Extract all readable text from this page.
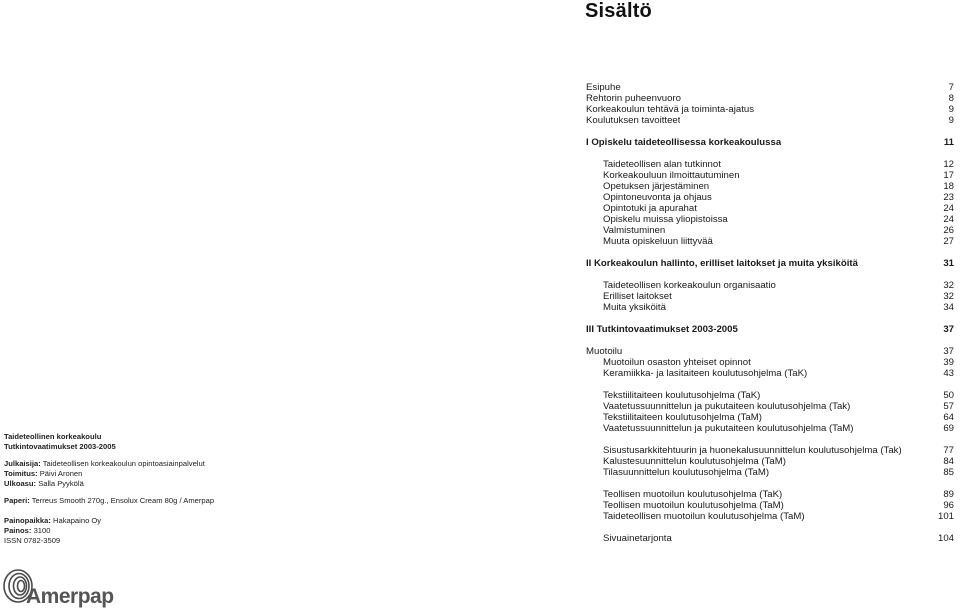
Sisältö
Esipuhe	7
Rehtorin puheenvuoro	8
Korkeakoulun tehtävä ja toiminta-ajatus	9
Koulutuksen tavoitteet	9
I Opiskelu taideteollisessa korkeakoulussa	11
Taideteollisen alan tutkinnot	12
Korkeakouluun ilmoittautuminen	17
Opetuksen järjestäminen	18
Opintoneuvonta ja ohjaus	23
Opintotuki ja apurahat	24
Opiskelu muissa yliopistoissa	24
Valmistuminen	26
Muuta opiskeluun liittyvää	27
II Korkeakoulun hallinto, erilliset laitokset ja muita yksiköitä	31
Taideteollisen korkeakoulun organisaatio	32
Erilliset laitokset	32
Muita yksiköitä	34
III Tutkintovaatimukset 2003-2005	37
Muotoilu	37
Muotoilun osaston yhteiset opinnot	39
Keramiikka- ja lasitaiteen koulutusohjelma (TaK)	43
Tekstiilitaiteen koulutusohjelma (TaK)	50
Vaatetussuunnittelun ja pukutaiteen koulutusohjelma (Tak)	57
Tekstiilitaiteen koulutusohjelma (TaM)	64
Vaatetussuunnittelun ja pukutaiteen koulutusohjelma (TaM)	69
Sisustusarkkitehtuurin ja huonekalusuunnittelun koulutusohjelma (Tak)	77
Kalustesuunnittelun koulutusohjelma (TaM)	84
Tilasuunnittelun koulutusohjelma (TaM)	85
Teollisen muotoilun koulutusohjelma (TaK)	89
Teollisen muotoilun koulutusohjelma (TaM)	96
Taideteollisen muotoilun koulutusohjelma (TaM)	101
Sivuainetarjonta	104
Taideteollinen korkeakoulu
Tutkintovaatimukset 2003-2005
Julkaisija: Taideteollisen korkeakoulun opintoasiainpalvelut
Toimitus: Päivi Aronen
Ulkoasu: Salla Pyykölä
Paperi: Terreus Smooth 270g., Ensolux Cream 80g / Amerpap
Painopaikka: Hakapaino Oy
Painos: 3100
ISSN 0782-3509
Amerpap
